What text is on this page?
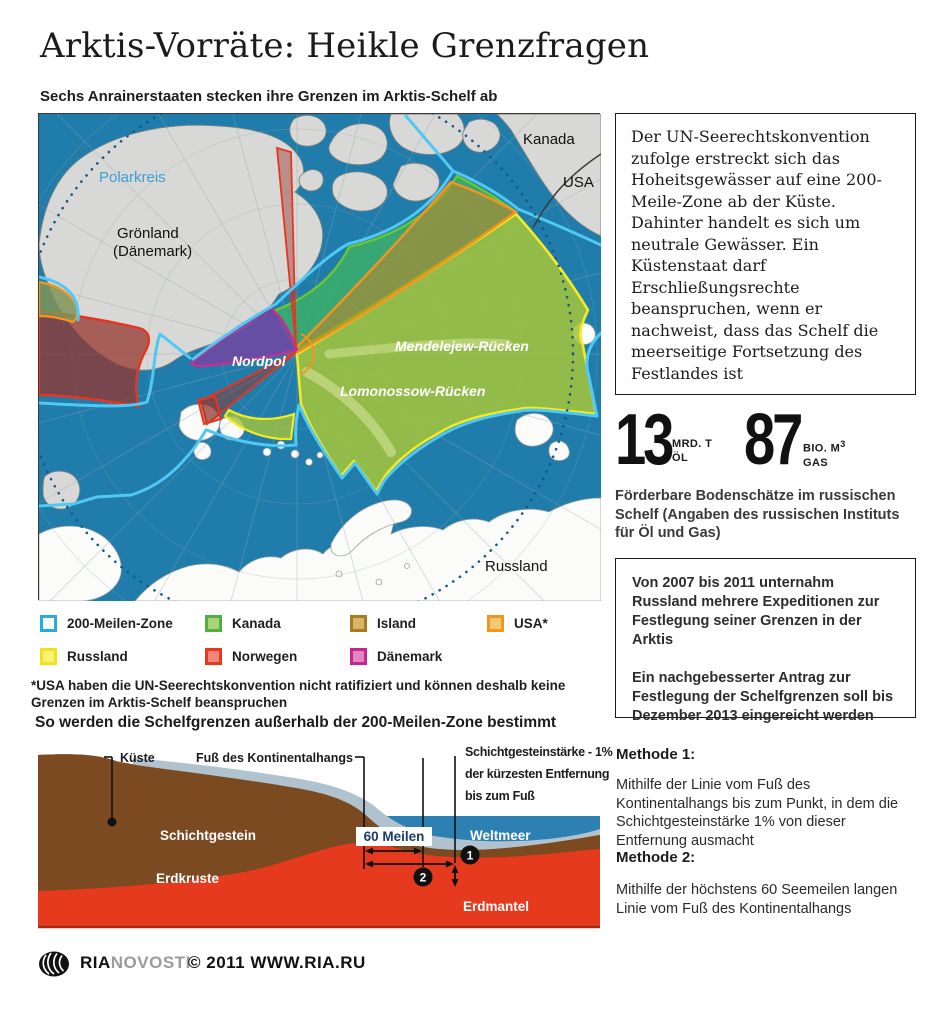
Arktis-Vorräte: Heikle Grenzfragen
Sechs Anrainerstaaten stecken ihre Grenzen im Arktis-Schelf ab
Polarkreis
Grönland
(Dänemark)
Kanada
USA
Nordpol
Mendelejew-Rücken
Lomonossow-Rücken
Russland
Der UN-Seerechtskonvention zufolge erstreckt sich das Hoheitsgewässer auf eine 200- Meile-Zone ab der Küste. Dahinter handelt es sich um neutrale Gewässer. Ein Küstenstaat darf Erschließungsrechte beanspruchen, wenn er nachweist, dass das Schelf die meerseitige Fortsetzung des Festlandes ist
13 MRD. T
ÖL 87 BIO. $M^3$
GAS
Förderbare Bodenschätze im russischen Schelf (Angaben des russischen Instituts für Öl und Gas)

Von 2007 bis 2011 unternahm Russland mehrere Expeditionen zur Festlegung seiner Grenzen in der Arktis

Ein nachgebesserter Antrag zur Festlegung der Schelfgrenzen soll bis Dezember 2013 eingereicht werden

200-Meilen-Zone	Kanada	Island	USA*
Russland	Norwegen	Dänemark
*USA haben die UN-Seerechtskonvention nicht ratifiziert und können deshalb keine Grenzen im Arktis-Schelf beanspruchen
So werden die Schelfgrenzen außerhalb der 200-Meilen-Zone bestimmt
Küste	Fuß des Kontinentalhangs	Schichtgesteinstärke - 1%
der kürzesten Entfernung
bis zum Fuß
60 Meilen
1
2
Schichtgestein
Erdkruste
Weltmeer
Erdmantel
Methode 1:
Mithilfe der Linie vom Fuß des Kontinentalhangs bis zum Punkt, in dem die Schichtgesteinstärke 1% von dieser Entfernung ausmacht
Methode 2:
Mithilfe der höchstens 60 Seemeilen langen Linie vom Fuß des Kontinentalhangs
RIANOVOSTI
© 2011 WWW.RIA.RU
